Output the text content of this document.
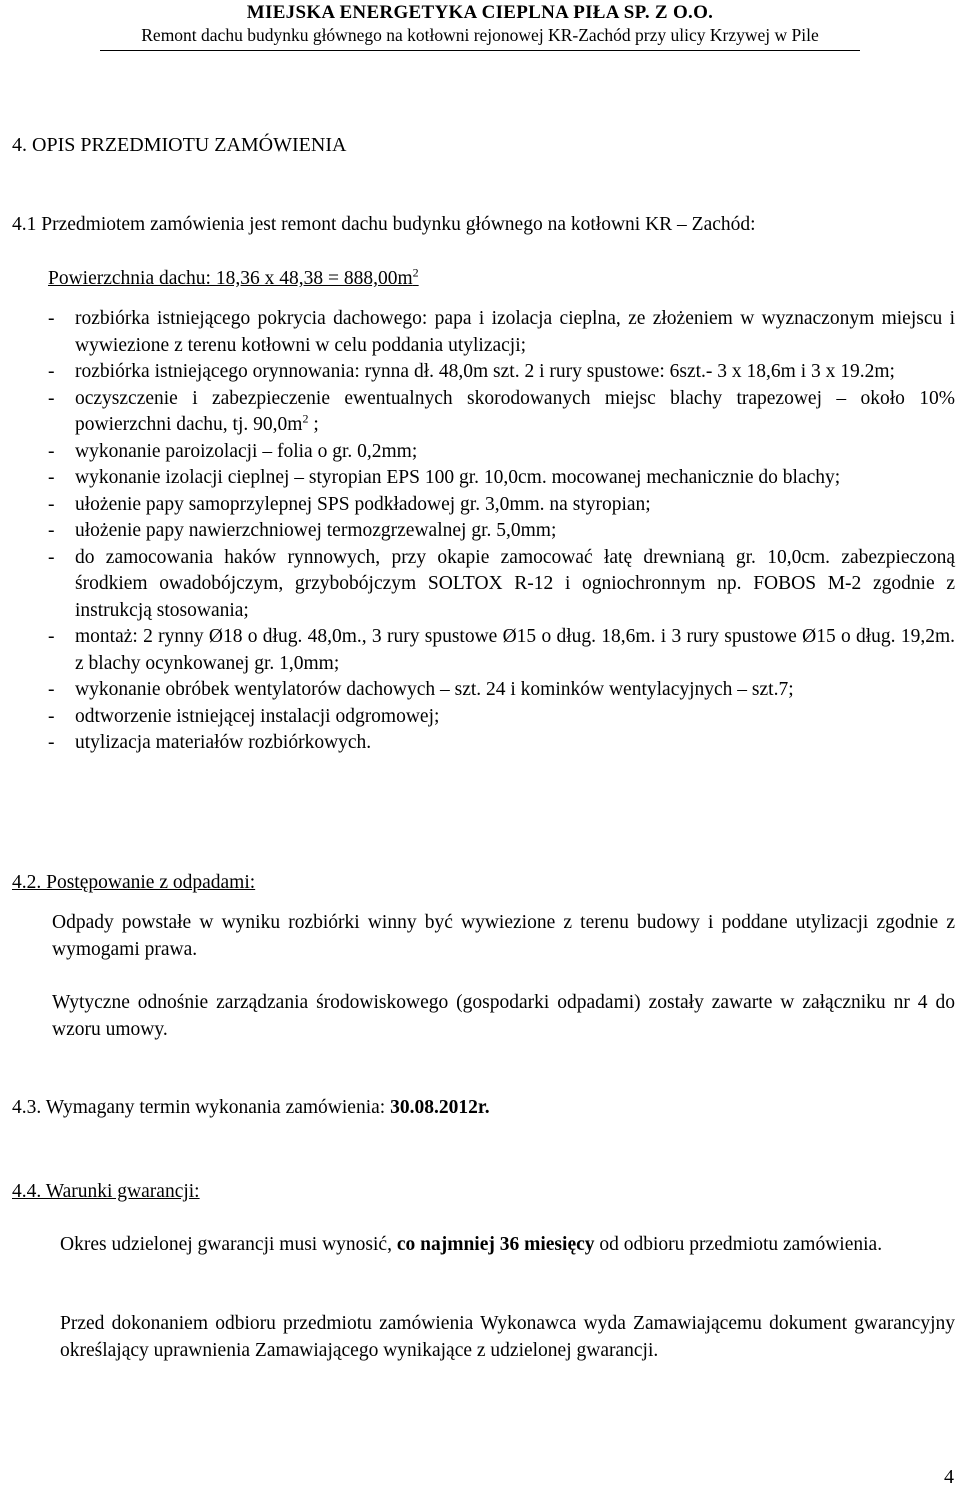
MIEJSKA ENERGETYKA CIEPLNA PIŁA SP. Z O.O.
Remont dachu budynku głównego na kotłowni rejonowej KR-Zachód przy ulicy Krzywej w Pile
4. OPIS PRZEDMIOTU ZAMÓWIENIA
4.1 Przedmiotem zamówienia jest remont dachu budynku głównego na kotłowni KR – Zachód:
Powierzchnia dachu: 18,36 x $48,38 = 888,00m^2$
- rozbiórka istniejącego pokrycia dachowego: papa i izolacja cieplna, ze złożeniem w wyznaczonym miejscu i wywiezione z terenu kotłowni w celu poddania utylizacji;
- rozbiórka istniejącego orynnowania: rynna dł. 48,0m szt. 2 i rury spustowe: 6szt.- 3 x 18,6m i 3 x 19.2m;
- oczyszczenie i zabezpieczenie ewentualnych skorodowanych miejsc blachy trapezowej – około 10% powierzchni dachu, tj. $90,0m^2$ ;
- wykonanie paroizolacji – folia o gr. 0,2mm;
- wykonanie izolacji cieplnej – styropian EPS 100 gr. 10,0cm. mocowanej mechanicznie do blachy;
- ułożenie papy samoprzylepnej SPS podkładowej gr. 3,0mm. na styropian;
- ułożenie papy nawierzchniowej termozgrzewalnej gr. 5,0mm;
- do zamocowania haków rynnowych, przy okapie zamocować łatę drewnianą gr. 10,0cm. zabezpieczoną środkiem owadobójczym, grzybobójczym SOLTOX R-12 i ogniochronnym np. FOBOS M-2 zgodnie z instrukcją stosowania;
- montaż: 2 rynny Ø18 o dług. 48,0m., 3 rury spustowe Ø15 o dług. 18,6m. i 3 rury spustowe Ø15 o dług. 19,2m. z blachy ocynkowanej gr. 1,0mm;
- wykonanie obróbek wentylatorów dachowych – szt. 24 i kominków wentylacyjnych – szt.7;
- odtworzenie istniejącej instalacji odgromowej;
- utylizacja materiałów rozbiórkowych.
4.2. Postępowanie z odpadami:
Odpady powstałe w wyniku rozbiórki winny być wywiezione z terenu budowy i poddane utylizacji zgodnie z wymogami prawa.
Wytyczne odnośnie zarządzania środowiskowego (gospodarki odpadami) zostały zawarte w załączniku nr 4 do wzoru umowy.
4.3. Wymagany termin wykonania zamówienia: 30.08.2012r.
4.4. Warunki gwarancji:
Okres udzielonej gwarancji musi wynosić, co najmniej 36 miesięcy od odbioru przedmiotu zamówienia.
Przed dokonaniem odbioru przedmiotu zamówienia Wykonawca wyda Zamawiającemu dokument gwarancyjny określający uprawnienia Zamawiającego wynikające z udzielonej gwarancji.
4
